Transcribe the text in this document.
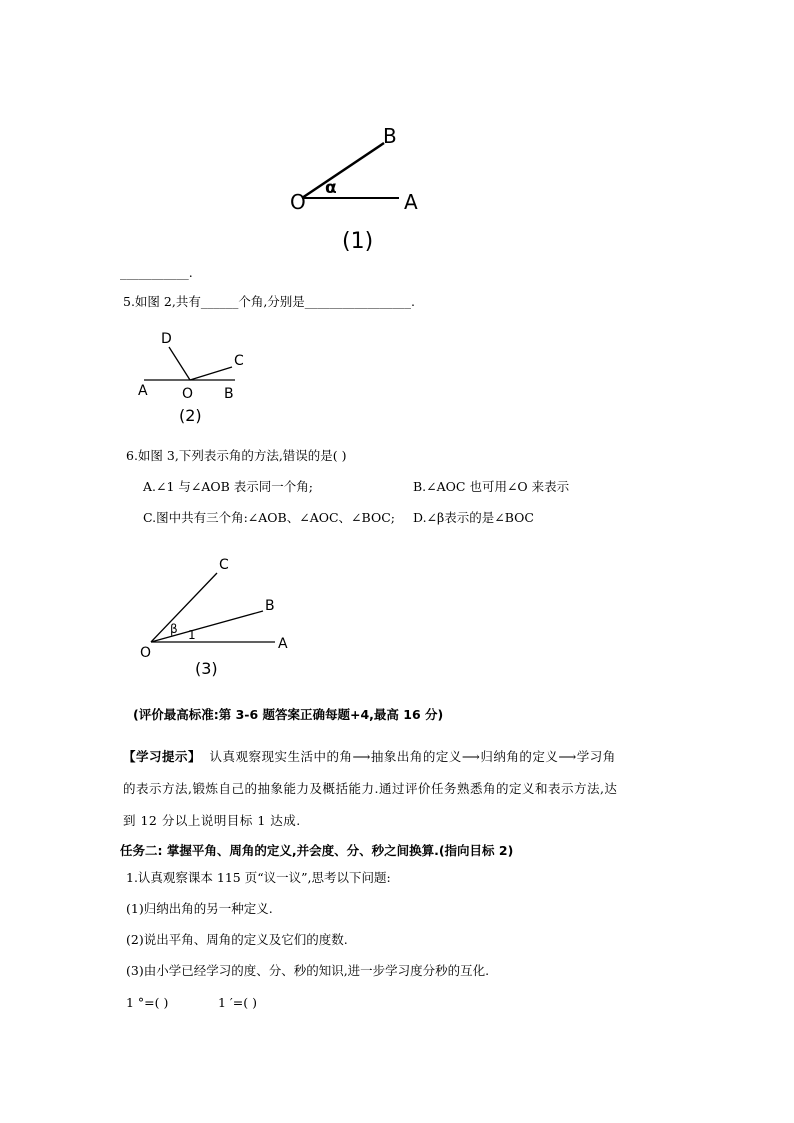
B
O
α
A
(1)
___________.
5.如图 2,共有______个角,分别是_________________.
D
C
A O B
(2)
6.如图 3,下列表示角的方法,错误的是( )
A.∠1 与∠AOB 表示同一个角;	B.∠AOC 也可用∠O 来表示
C.图中共有三个角:∠AOB、∠AOC、∠BOC; D.∠β表示的是∠BOC
C
B
β 1
O
A
(3)
(评价最高标准:第 3-6 题答案正确每题+4,最高 16 分)
【学习提示】 认真观察现实生活中的角⟶抽象出角的定义⟶归纳角的定义⟶学习角
的表示方法,锻炼自己的抽象能力及概括能力.通过评价任务熟悉角的定义和表示方法,达
到 12 分以上说明目标 1 达成.
任务二: 掌握平角、周角的定义,并会度、分、秒之间换算.(指向目标 2)
1.认真观察课本 115 页“议一议”,思考以下问题:
(1)归纳出角的另一种定义.
(2)说出平角、周角的定义及它们的度数.
(3)由小学已经学习的度、分、秒的知识,进一步学习度分秒的互化.
1 °=( )	1 ′=( )
